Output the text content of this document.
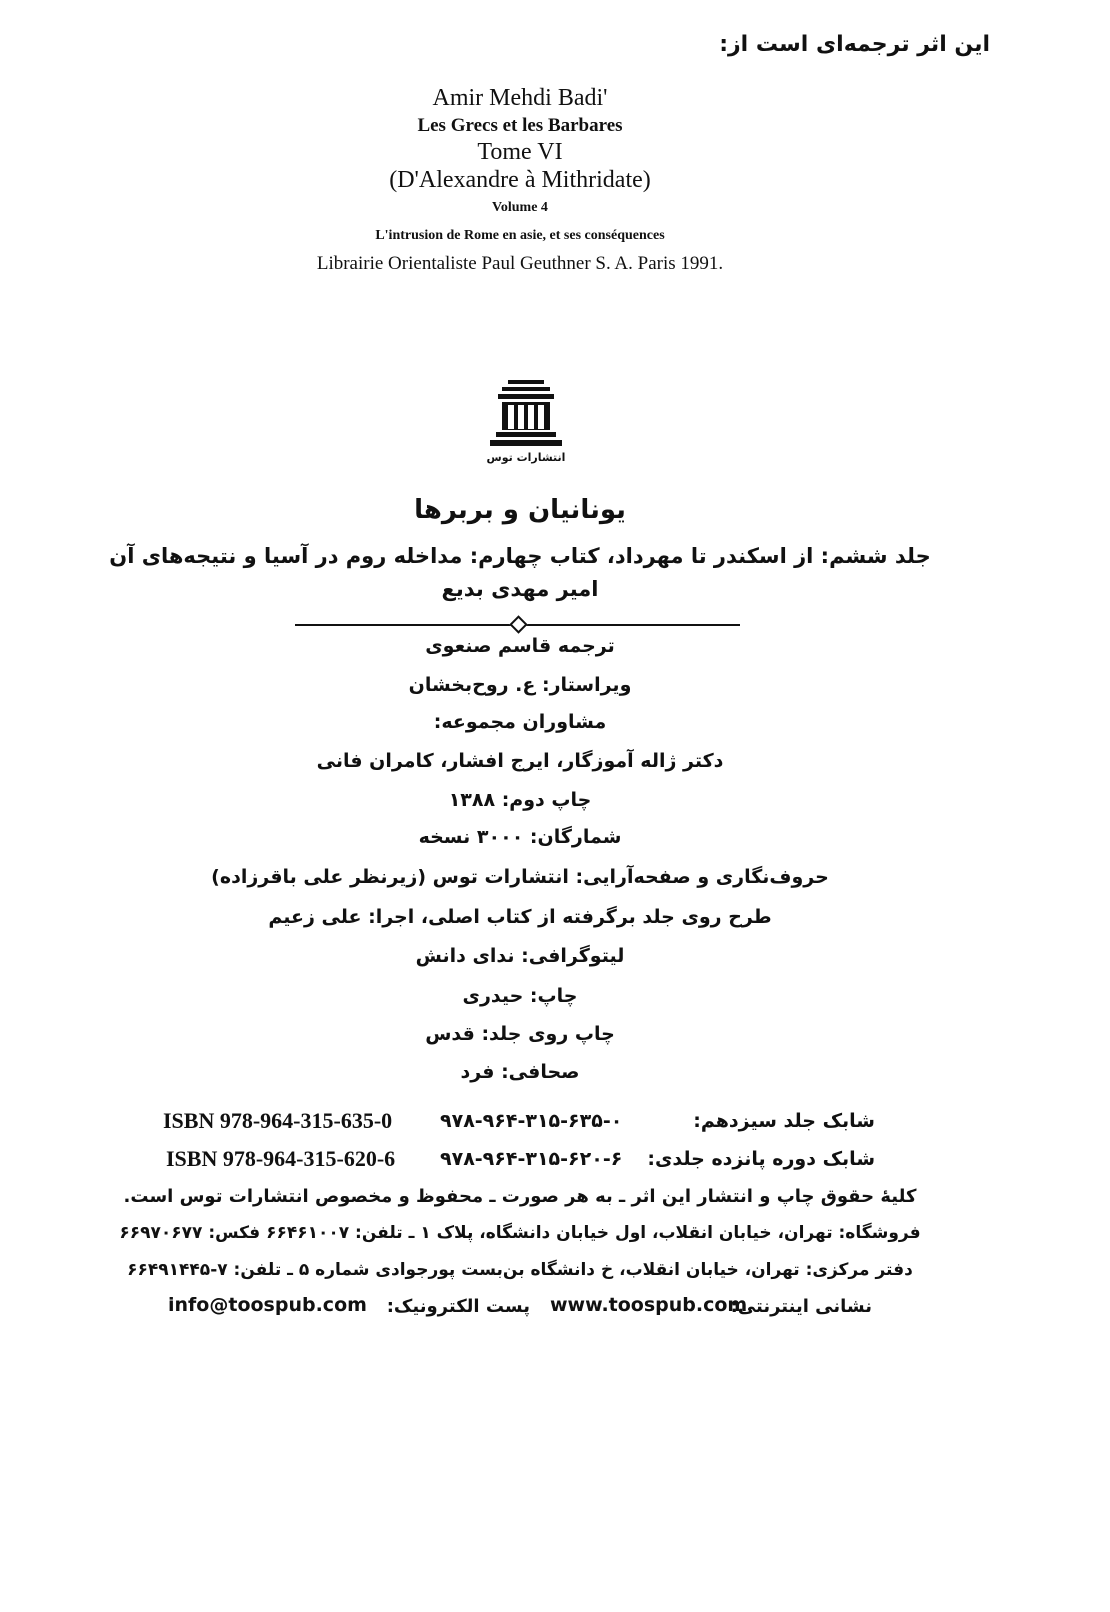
این اثر ترجمه‌ای است از:
Amir Mehdi Badi'
Les Grecs et les Barbares
Tome VI
(D'Alexandre à Mithridate)
Volume 4
L'intrusion de Rome en asie, et ses conséquences
Librairie Orientaliste Paul Geuthner S. A. Paris 1991.
انتشارات توس
یونانیان و بربرها
جلد ششم: از اسکندر تا مهرداد، کتاب چهارم: مداخله روم در آسیا و نتیجه‌های آن
امیر مهدی بدیع
ترجمه قاسم صنعوی
ویراستار: ع. روح‌بخشان
مشاوران مجموعه:
دکتر ژاله آموزگار، ایرج افشار، کامران فانی
چاپ دوم: ۱۳۸۸
شمارگان: ۳۰۰۰ نسخه
حروف‌نگاری و صفحه‌آرایی: انتشارات توس (زیرنظر علی باقرزاده)
طرح روی جلد برگرفته از کتاب اصلی، اجرا: علی زعیم
لیتوگرافی: ندای دانش
چاپ: حیدری
چاپ روی جلد: قدس
صحافی: فرد
شابک جلد سیزدهم:
۹۷۸-۹۶۴-۳۱۵-۶۳۵-۰
ISBN 978-964-315-635-0
شابک دوره پانزده جلدی:
۹۷۸-۹۶۴-۳۱۵-۶۲۰-۶
ISBN 978-964-315-620-6
کلیهٔ حقوق چاپ و انتشار این اثر ـ به هر صورت ـ محفوظ و مخصوص انتشارات توس است.
فروشگاه: تهران، خیابان انقلاب، اول خیابان دانشگاه، پلاک ۱ ـ تلفن: ۶۶۴۶۱۰۰۷ فکس: ۶۶۹۷۰۶۷۷
دفتر مرکزی: تهران، خیابان انقلاب، خ دانشگاه بن‌بست پورجوادی شماره ۵ ـ تلفن: ۷-۶۶۴۹۱۴۴۵
نشانی اینترنتی:
www.toospub.com
پست الکترونیک:
info@toospub.com
